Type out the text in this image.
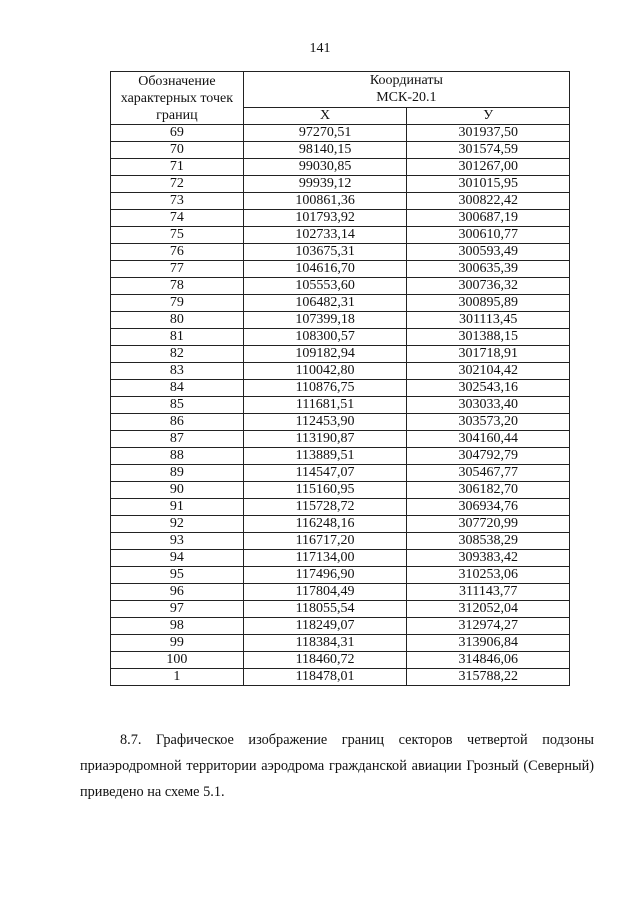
141
Обозначение
характерных точек
границ	Координаты
МСК-20.1	
	X	У
69	97270,51	301937,50
70	98140,15	301574,59
71	99030,85	301267,00
72	99939,12	301015,95
73	100861,36	300822,42
74	101793,92	300687,19
75	102733,14	300610,77
76	103675,31	300593,49
77	104616,70	300635,39
78	105553,60	300736,32
79	106482,31	300895,89
80	107399,18	301113,45
81	108300,57	301388,15
82	109182,94	301718,91
83	110042,80	302104,42
84	110876,75	302543,16
85	111681,51	303033,40
86	112453,90	303573,20
87	113190,87	304160,44
88	113889,51	304792,79
89	114547,07	305467,77
90	115160,95	306182,70
91	115728,72	306934,76
92	116248,16	307720,99
93	116717,20	308538,29
94	117134,00	309383,42
95	117496,90	310253,06
96	117804,49	311143,77
97	118055,54	312052,04
98	118249,07	312974,27
99	118384,31	313906,84
100	118460,72	314846,06
1	118478,01	315788,22
8.7. Графическое изображение границ секторов четвертой подзоны
приаэродромной территории аэродрома гражданской авиации Грозный (Северный)
приведено на схеме 5.1.
